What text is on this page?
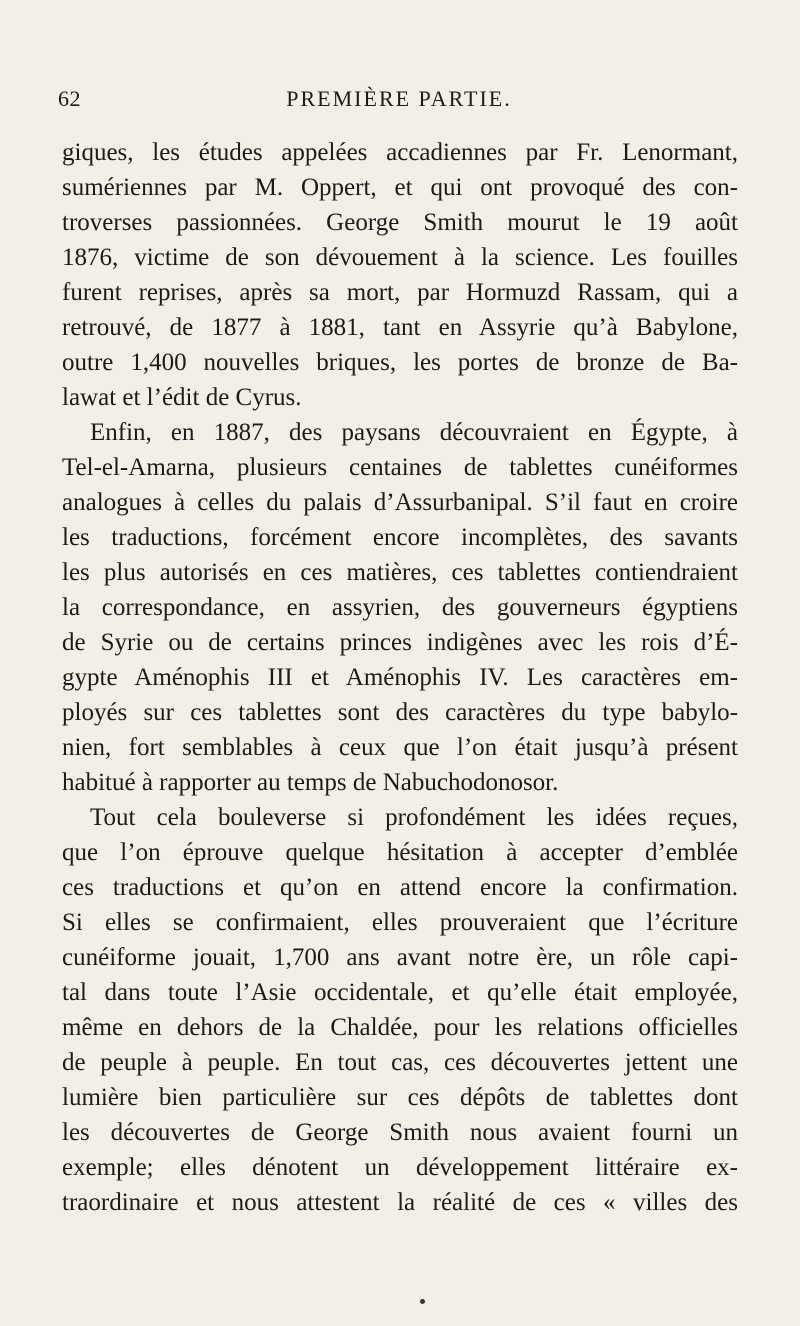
62	PREMIÈRE PARTIE.
giques, les études appelées accadiennes par Fr. Lenormant,
sumériennes par M. Oppert, et qui ont provoqué des con-
troverses passionnées. George Smith mourut le 19 août
1876, victime de son dévouement à la science. Les fouilles
furent reprises, après sa mort, par Hormuzd Rassam, qui a
retrouvé, de 1877 à 1881, tant en Assyrie qu’à Babylone,
outre 1,400 nouvelles briques, les portes de bronze de Ba-
lawat et l’édit de Cyrus.
Enfin, en 1887, des paysans découvraient en Égypte, à
Tel-el-Amarna, plusieurs centaines de tablettes cunéiformes
analogues à celles du palais d’Assurbanipal. S’il faut en croire
les traductions, forcément encore incomplètes, des savants
les plus autorisés en ces matières, ces tablettes contiendraient
la correspondance, en assyrien, des gouverneurs égyptiens
de Syrie ou de certains princes indigènes avec les rois d’É-
gypte Aménophis III et Aménophis IV. Les caractères em-
ployés sur ces tablettes sont des caractères du type babylo-
nien, fort semblables à ceux que l’on était jusqu’à présent
habitué à rapporter au temps de Nabuchodonosor.
Tout cela bouleverse si profondément les idées reçues,
que l’on éprouve quelque hésitation à accepter d’emblée
ces traductions et qu’on en attend encore la confirmation.
Si elles se confirmaient, elles prouveraient que l’écriture
cunéiforme jouait, 1,700 ans avant notre ère, un rôle capi-
tal dans toute l’Asie occidentale, et qu’elle était employée,
même en dehors de la Chaldée, pour les relations officielles
de peuple à peuple. En tout cas, ces découvertes jettent une
lumière bien particulière sur ces dépôts de tablettes dont
les découvertes de George Smith nous avaient fourni un
exemple; elles dénotent un développement littéraire ex-
traordinaire et nous attestent la réalité de ces « villes des
